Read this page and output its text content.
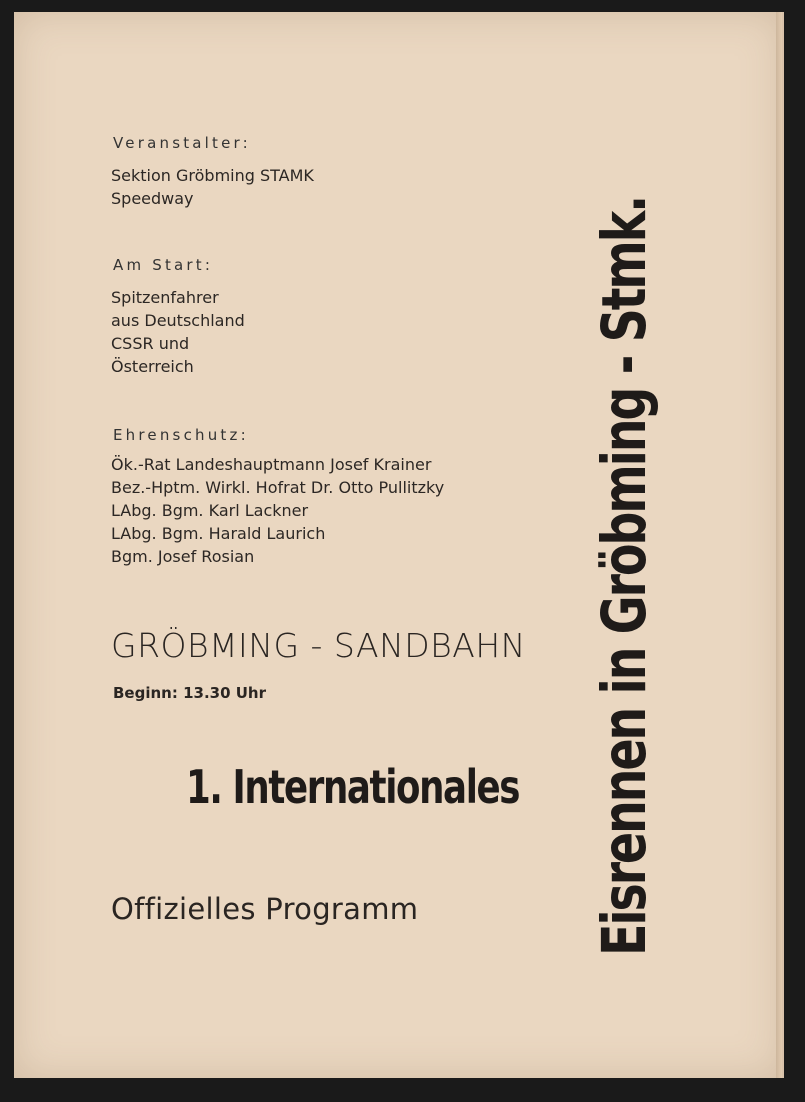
Veranstalter:
Sektion Gröbming STAMK
Speedway
Am Start:
Spitzenfahrer
aus Deutschland
CSSR und
Österreich
Ehrenschutz:
Ök.-Rat Landeshauptmann Josef Krainer
Bez.-Hptm. Wirkl. Hofrat Dr. Otto Pullitzky
LAbg. Bgm. Karl Lackner
LAbg. Bgm. Harald Laurich
Bgm. Josef Rosian
GRÖBMING - SANDBAHN
Beginn: 13.30 Uhr
1. Internationales
Offizielles Programm	Eisrennen in Gröbming - Stmk.
